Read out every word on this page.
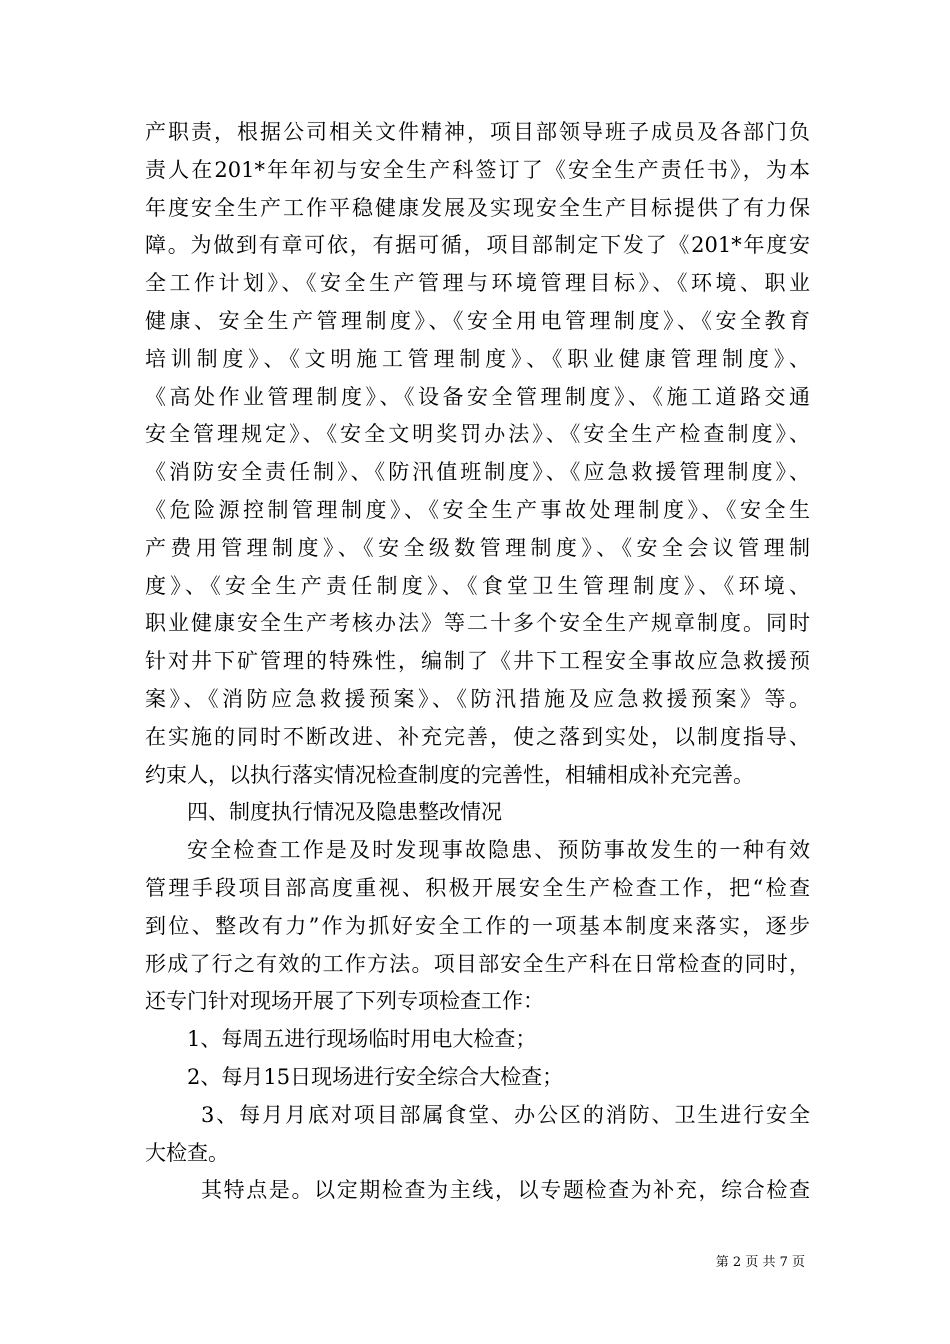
产职责，根据公司相关文件精神，项目部领导班子成员及各部门负
责人在201*年年初与安全生产科签订了《安全生产责任书》，为本
年度安全生产工作平稳健康发展及实现安全生产目标提供了有力保
障。为做到有章可依，有据可循，项目部制定下发了《201*年度安
全工作计划》、《安全生产管理与环境管理目标》、《环境、职业
健康、安全生产管理制度》、《安全用电管理制度》、《安全教育
培训制度》、《文明施工管理制度》、《职业健康管理制度》、
《高处作业管理制度》、《设备安全管理制度》、《施工道路交通
安全管理规定》、《安全文明奖罚办法》、《安全生产检查制度》、
《消防安全责任制》、《防汛值班制度》、《应急救援管理制度》、
《危险源控制管理制度》、《安全生产事故处理制度》、《安全生
产费用管理制度》、《安全级数管理制度》、《安全会议管理制
度》、《安全生产责任制度》、《食堂卫生管理制度》、《环境、
职业健康安全生产考核办法》等二十多个安全生产规章制度。同时
针对井下矿管理的特殊性，编制了《井下工程安全事故应急救援预
案》、《消防应急救援预案》、《防汛措施及应急救援预案》等。
在实施的同时不断改进、补充完善，使之落到实处，以制度指导、
约束人，以执行落实情况检查制度的完善性，相辅相成补充完善。
四、制度执行情况及隐患整改情况
安全检查工作是及时发现事故隐患、预防事故发生的一种有效
管理手段项目部高度重视、积极开展安全生产检查工作，把“检查
到位、整改有力”作为抓好安全工作的一项基本制度来落实，逐步
形成了行之有效的工作方法。项目部安全生产科在日常检查的同时，
还专门针对现场开展了下列专项检查工作：
1、每周五进行现场临时用电大检查；
2、每月15日现场进行安全综合大检查；
3、每月月底对项目部属食堂、办公区的消防、卫生进行安全
大检查。
其特点是。以定期检查为主线，以专题检查为补充，综合检查
第 2 页 共 7 页
